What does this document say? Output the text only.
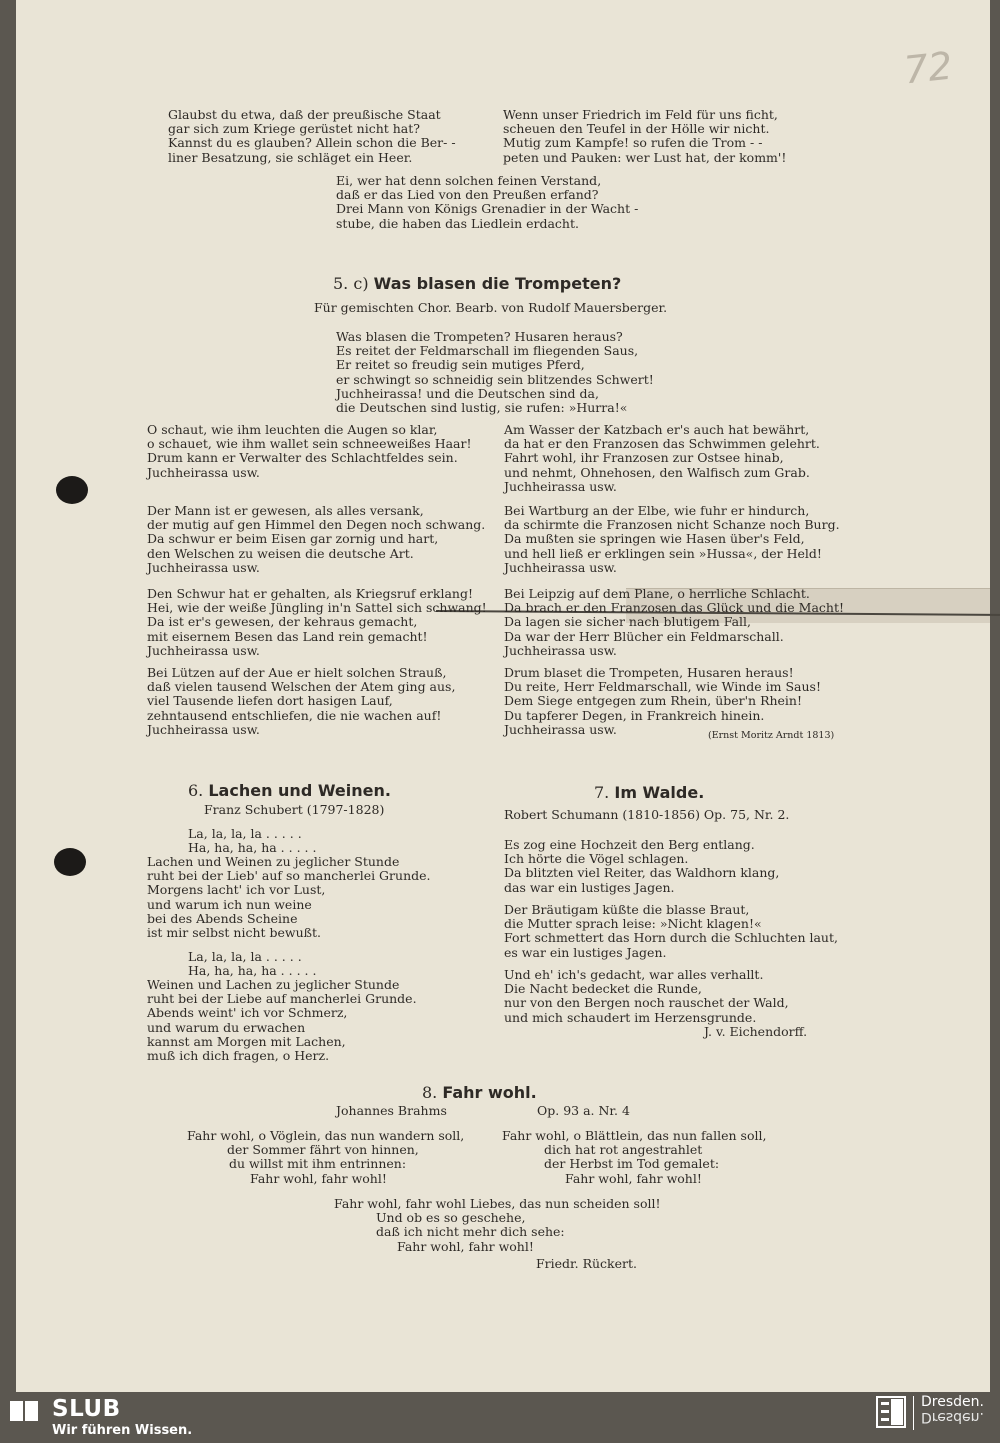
72
Glaubst du etwa, daß der preußische Staat
gar sich zum Kriege gerüstet nicht hat?
Kannst du es glauben? Allein schon die Ber- -
liner Besatzung, sie schläget ein Heer.
Wenn unser Friedrich im Feld für uns ficht,
scheuen den Teufel in der Hölle wir nicht.
Mutig zum Kampfe! so rufen die Trom - -
peten und Pauken: wer Lust hat, der komm'!
Ei, wer hat denn solchen feinen Verstand,
daß er das Lied von den Preußen erfand?
Drei Mann von Königs Grenadier in der Wacht -
stube, die haben das Liedlein erdacht.
5. c) Was blasen die Trompeten?
Für gemischten Chor. Bearb. von Rudolf Mauersberger.
Was blasen die Trompeten? Husaren heraus?
Es reitet der Feldmarschall im fliegenden Saus,
Er reitet so freudig sein mutiges Pferd,
er schwingt so schneidig sein blitzendes Schwert!
Juchheirassa! und die Deutschen sind da,
die Deutschen sind lustig, sie rufen: »Hurra!«
O schaut, wie ihm leuchten die Augen so klar,
o schauet, wie ihm wallet sein schneeweißes Haar!
Drum kann er Verwalter des Schlachtfeldes sein.
Juchheirassa usw.
Der Mann ist er gewesen, als alles versank,
der mutig auf gen Himmel den Degen noch schwang.
Da schwur er beim Eisen gar zornig und hart,
den Welschen zu weisen die deutsche Art.
Juchheirassa usw.
Den Schwur hat er gehalten, als Kriegsruf erklang!
Hei, wie der weiße Jüngling in'n Sattel sich schwang!
Da ist er's gewesen, der kehraus gemacht,
mit eisernem Besen das Land rein gemacht!
Juchheirassa usw.
Bei Lützen auf der Aue er hielt solchen Strauß,
daß vielen tausend Welschen der Atem ging aus,
viel Tausende liefen dort hasigen Lauf,
zehntausend entschliefen, die nie wachen auf!
Juchheirassa usw.
Am Wasser der Katzbach er's auch hat bewährt,
da hat er den Franzosen das Schwimmen gelehrt.
Fahrt wohl, ihr Franzosen zur Ostsee hinab,
und nehmt, Ohnehosen, den Walfisch zum Grab.
Juchheirassa usw.
Bei Wartburg an der Elbe, wie fuhr er hindurch,
da schirmte die Franzosen nicht Schanze noch Burg.
Da mußten sie springen wie Hasen über's Feld,
und hell ließ er erklingen sein »Hussa«, der Held!
Juchheirassa usw.
Bei Leipzig auf dem Plane, o herrliche Schlacht.
Da brach er den Franzosen das Glück und die Macht!
Da lagen sie sicher nach blutigem Fall,
Da war der Herr Blücher ein Feldmarschall.
Juchheirassa usw.
Drum blaset die Trompeten, Husaren heraus!
Du reite, Herr Feldmarschall, wie Winde im Saus!
Dem Siege entgegen zum Rhein, über'n Rhein!
Du tapferer Degen, in Frankreich hinein.
Juchheirassa usw.	(Ernst Moritz Arndt 1813)
6. Lachen und Weinen.
Franz Schubert (1797-1828)
La, la, la, la . . . . .
Ha, ha, ha, ha . . . . .
Lachen und Weinen zu jeglicher Stunde
ruht bei der Lieb' auf so mancherlei Grunde.
Morgens lacht' ich vor Lust,
und warum ich nun weine
bei des Abends Scheine
ist mir selbst nicht bewußt.
La, la, la, la . . . . .
Ha, ha, ha, ha . . . . .
Weinen und Lachen zu jeglicher Stunde
ruht bei der Liebe auf mancherlei Grunde.
Abends weint' ich vor Schmerz,
und warum du erwachen
kannst am Morgen mit Lachen,
muß ich dich fragen, o Herz.
7. Im Walde.
Robert Schumann (1810-1856) Op. 75, Nr. 2.
Es zog eine Hochzeit den Berg entlang.
Ich hörte die Vögel schlagen.
Da blitzten viel Reiter, das Waldhorn klang,
das war ein lustiges Jagen.
Der Bräutigam küßte die blasse Braut,
die Mutter sprach leise: »Nicht klagen!«
Fort schmettert das Horn durch die Schluchten laut,
es war ein lustiges Jagen.
Und eh' ich's gedacht, war alles verhallt.
Die Nacht bedecket die Runde,
nur von den Bergen noch rauschet der Wald,
und mich schaudert im Herzensgrunde.
J. v. Eichendorff.
8. Fahr wohl.
Johannes Brahms	Op. 93 a. Nr. 4
Fahr wohl, o Vöglein, das nun wandern soll,
der Sommer fährt von hinnen,
du willst mit ihm entrinnen:
Fahr wohl, fahr wohl!
Fahr wohl, o Blättlein, das nun fallen soll,
dich hat rot angestrahlet
der Herbst im Tod gemalet:
Fahr wohl, fahr wohl!
Fahr wohl, fahr wohl Liebes, das nun scheiden soll!
Und ob es so geschehe,
daß ich nicht mehr dich sehe:
Fahr wohl, fahr wohl!
Friedr. Rückert.
SLUB
Wir führen Wissen.
Dresden.
Dresden.
